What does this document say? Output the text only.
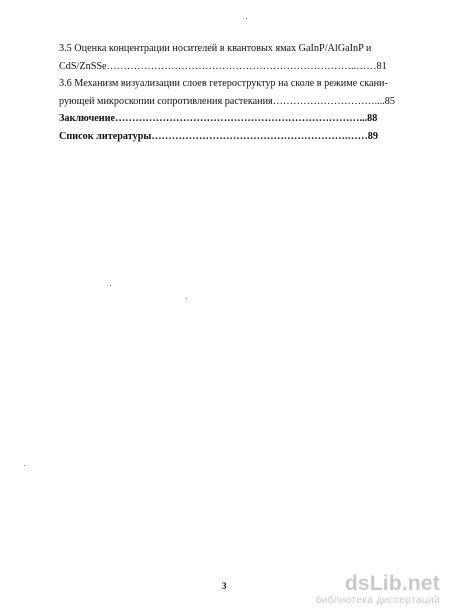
3.5 Оценка концентрации носителей в квантовых ямах GaInP/AlGaInP и
CdS/ZnSSe………………………………………………………………..……81
3.6 Механизм визуализации слоев гетероструктур на сколе в режиме скани-
рующей микроскопии сопротивления растекания…………………………....85
Заключение………………………………………………………………...88
Список литературы………………………………………………….……89
3	dsLib.net
библиотека диссертаций
